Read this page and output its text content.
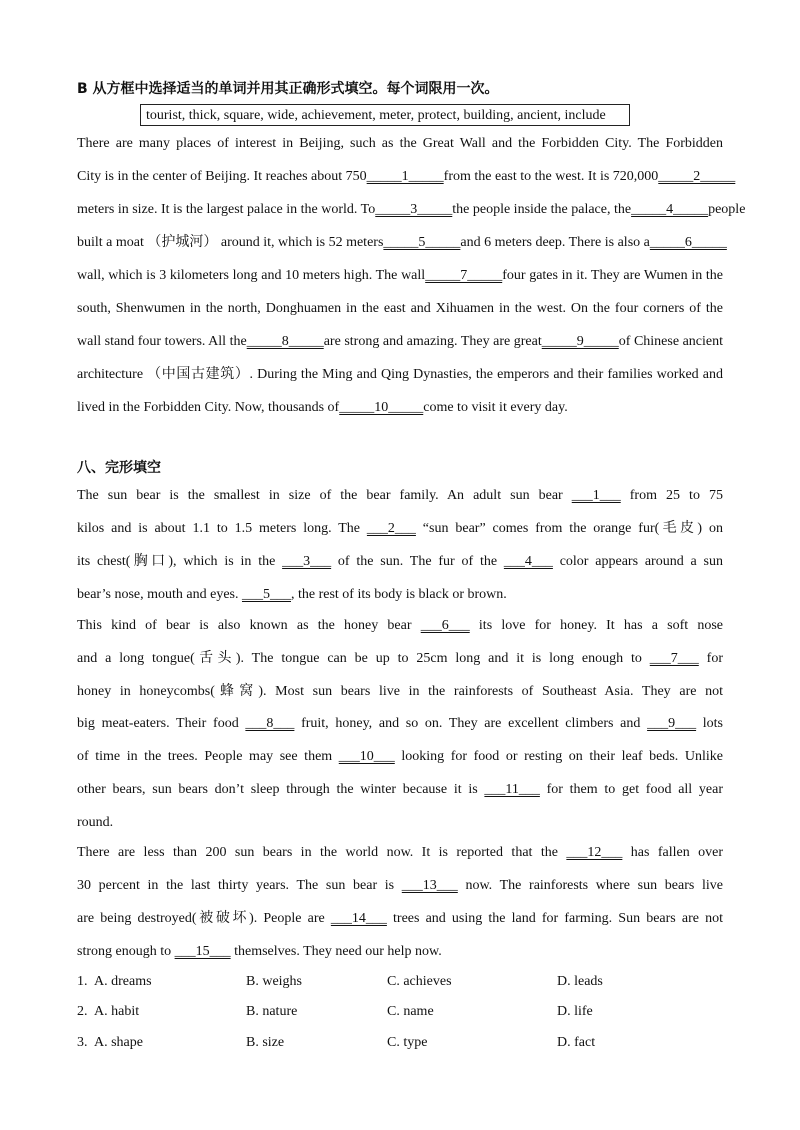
B 从方框中选择适当的单词并用其正确形式填空。每个词限用一次。
tourist, thick, square, wide, achievement, meter, protect, building, ancient, include
There are many places of interest in Beijing, such as the Great Wall and the Forbidden City. The Forbidden
City is in the center of Beijing. It reaches about 750_____1_____from the east to the west. It is 720,000_____2_____
meters in size. It is the largest palace in the world. To_____3_____the people inside the palace, the_____4_____people
built a moat （护城河） around it, which is 52 meters_____5_____and 6 meters deep. There is also a_____6_____
wall, which is 3 kilometers long and 10 meters high. The wall_____7_____four gates in it. They are Wumen in the
south, Shenwumen in the north, Donghuamen in the east and Xihuamen in the west. On the four corners of the
wall stand four towers. All the_____8_____are strong and amazing. They are great_____9_____of Chinese ancient
architecture （中国古建筑）. During the Ming and Qing Dynasties, the emperors and their families worked and
lived in the Forbidden City. Now, thousands of_____10_____come to visit it every day.
八、完形填空
The sun bear is the smallest in size of the bear family. An adult sun bear ___1___ from 25 to 75
kilos and is about 1.1 to 1.5 meters long. The ___2___ “sun bear” comes from the orange fur(毛皮) on
its chest(胸口), which is in the ___3___ of the sun. The fur of the ___4___ color appears around a sun
bear’s nose, mouth and eyes. ___5___, the rest of its body is black or brown.
This kind of bear is also known as the honey bear ___6___ its love for honey. It has a soft nose
and a long tongue(舌头). The tongue can be up to 25cm long and it is long enough to ___7___ for
honey in honeycombs(蜂窝). Most sun bears live in the rainforests of Southeast Asia. They are not
big meat-eaters. Their food ___8___ fruit, honey, and so on. They are excellent climbers and ___9___ lots
of time in the trees. People may see them ___10___ looking for food or resting on their leaf beds. Unlike
other bears, sun bears don’t sleep through the winter because it is ___11___ for them to get food all year
round.
There are less than 200 sun bears in the world now. It is reported that the ___12___ has fallen over
30 percent in the last thirty years. The sun bear is ___13___ now. The rainforests where sun bears live
are being destroyed(被破坏). People are ___14___ trees and using the land for farming. Sun bears are not
strong enough to ___15___ themselves. They need our help now.
1. A. dreams	B. weighs	C. achieves	D. leads
2. A. habit	B. nature	C. name	D. life
3. A. shape	B. size	C. type	D. fact
